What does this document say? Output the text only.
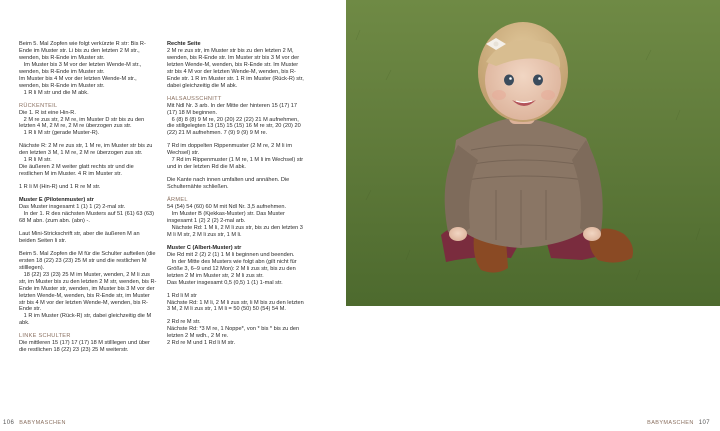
Beim 5. Mal Zopfen wie folgt verkürzte R str: Bis R-Ende im Muster str. Li bis zu den letzten 2 M str., wenden, bis R-Ende im Muster str.
Im Muster bis 3 M vor der letzten Wende-M str., wenden, bis R-Ende im Muster str.
Im Muster bis 4 M vor der letzten Wende-M str., wenden, bis R-Ende im Muster str.
1 R li M str und die M abk.

RÜCKENTEIL

Die 1. R ist eine Hin-R.
2 M re zus str, 2 M re, im Muster D str bis zu den letzten 4 M, 2 M re, 2 M re überzogen zus str.
1 R li M str (gerade Muster-R).

Nächste R: 2 M re zus str, 1 M re, im Muster str bis zu den letzten 3 M, 1 M re, 2 M re überzogen zus str.
1 R li M str.
Die äußeren 2 M weiter glatt rechts str und die restlichen M im Muster. 4 R im Muster str.

1 R li M (Hin-R) und 1 R re M str.

Muster E (Pilotenmuster) str

Das Muster insgesamt 1 (1) 1 (2) 2-mal str.
In der 1. R des nächsten Musters auf 51 (61) 63 (63) 68 M abn. (zum abn. (abn) -.

Laut Mini-Strickschrift str, aber die äußeren M an beiden Seiten li str.

Beim 5. Mal Zopfen die M für die Schulter aufteilen (die ersten 18 (22) 23 (23) 25 M str und die restlichen M stilllegen).
18 (22) 23 (23) 25 M im Muster, wenden, 2 M li zus str, im Muster bis zu den letzten 2 M str, wenden, bis R-Ende im Muster str, wenden, im Muster bis 3 M vor der letzten Wende-M, wenden, bis R-Ende str, im Muster str bis 4 M vor der letzten Wende-M, wenden, bis R-Ende str.
1 R im Muster (Rück-R) str, dabei gleichzeitig die M abk.

LINKE SCHULTER

Die mittleren 15 (17) 17 (17) 18 M stilllegen und über die restlichen 18 (22) 23 (23) 25 M weiterstr.

Rechte Seite

2 M re zus str, im Muster str bis zu den letzten 2 M, wenden, bis R-Ende str. Im Muster str bis 3 M vor der letzten Wende-M, wenden, bis R-Ende str. Im Muster str bis 4 M vor der letzten Wende-M, wenden, bis R-Ende str. 1 R im Muster str. 1 R im Muster (Rück-R) str, dabei gleichzeitig die M abk.

HALSAUSSCHNITT

Mit Ndl Nr. 3 arb. In der Mitte der hinteren 15 (17) 17 (17) 18 M beginnen.
6 (8) 8 (8) 9 M re, 20 (20) 22 (22) 21 M aufnehmen, die stillgelegten 13 (15) 15 (15) 16 M re str, 20 (20) 20 (22) 21 M aufnehmen. 7 (9) 9 (9) 9 M re.

7 Rd im doppelten Rippenmuster (2 M re, 2 M li im Wechsel) str.
7 Rd im Rippenmuster (1 M re, 1 M li im Wechsel) str und in der letzten Rd die M abk.

Die Kante nach innen umfalten und annähen. Die Schulternähte schließen.

ÄRMEL

54 (54) 54 (60) 60 M mit Ndl Nr. 3,5 aufnehmen.
Im Muster B (Kjekkas-Muster) str. Das Muster insgesamt 1 (2) 2 (2) 2-mal arb.
Nächste Rd: 1 M li, 2 M li zus str, bis zu den letzten 3 M li M str, 2 M li zus str, 1 M li.

Muster C (Albert-Muster) str

Die Rd mit 2 (2) 2 (1) 1 M li beginnen und beenden.
In der Mitte des Musters wie folgt abn (gilt nicht für Größe 3, 6–9 und 12 Mon): 2 M li zus str, bis zu den letzten 2 M im Muster str, 2 M li zus str.
Das Muster insgesamt 0,5 (0,5) 1 (1) 1-mal str.

1 Rd li M str
Nächste Rd: 1 M li, 2 M li zus str, li M bis zu den letzten 3 M, 2 M li zus str, 1 M li = 50 (50) 50 (54) 54 M.

2 Rd re M str.
Nächste Rd: *3 M re, 1 Noppe*, von * bis * bis zu den letzten 2 M wdh., 2 M re.
2 Rd re M und 1 Rd li M str.

106 BABYMASCHEN	BABYMASCHEN 107
